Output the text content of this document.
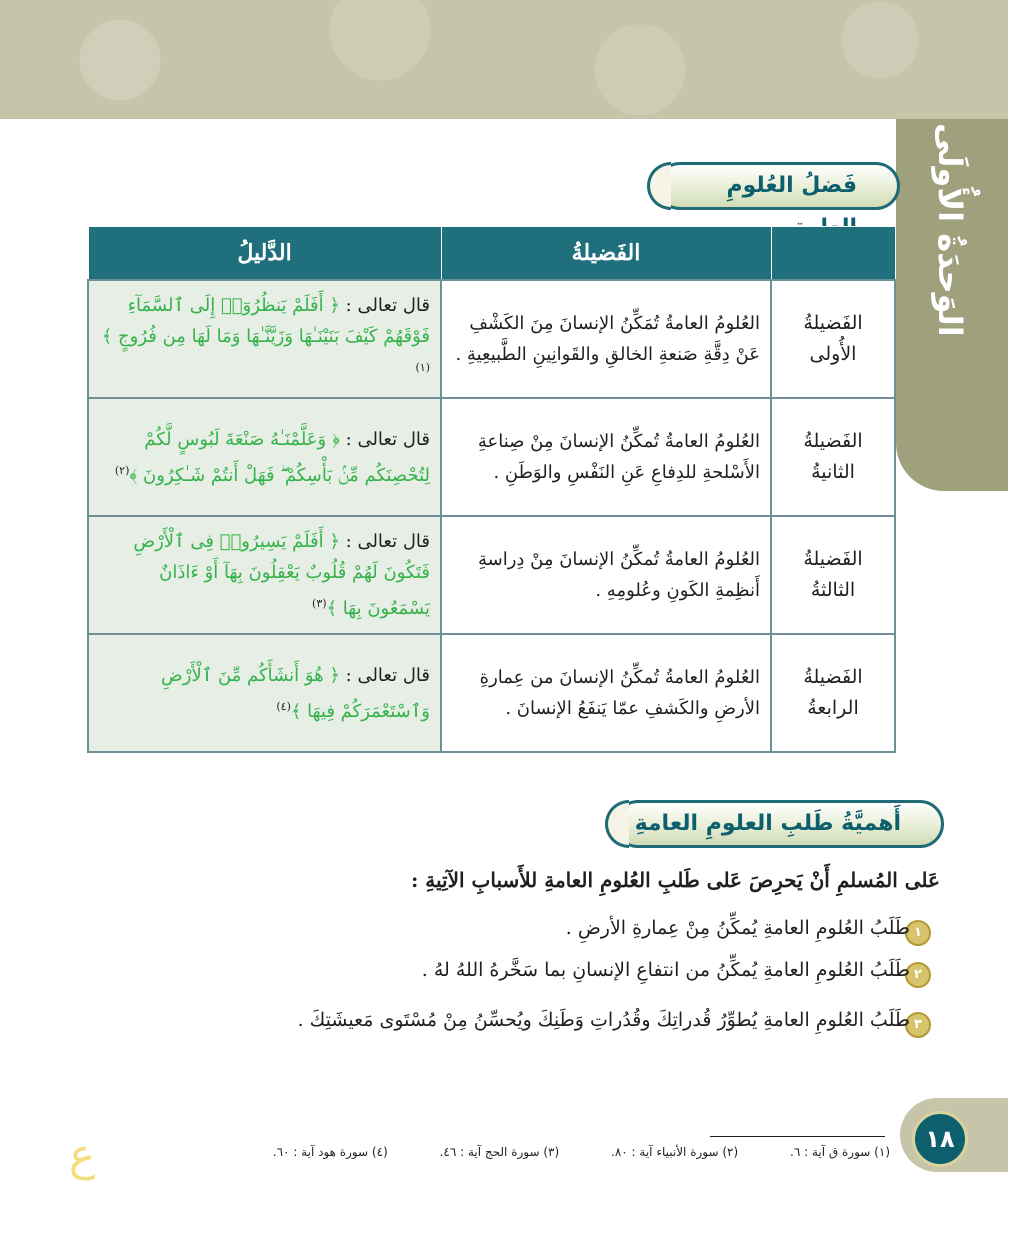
الوَحدَةُ الأُولَى
فَضلُ العُلومِ
	الفَضيلةُ	الدَّليلُ
الفَضيلةُ الأُولى	العُلومُ العامةُ تُمَكِّنُ الإنسانَ مِنَ الكَشْفِ عَنْ دِقَّةِ صَنعةِ الخالقِ والقَوانِينِ الطَّبيعِيةِ .	قال تعالى : ﴿ أَفَلَمْ يَنظُرُوٓا۟ إِلَى ٱلسَّمَآءِ فَوْقَهُمْ كَيْفَ بَنَيْنَـٰهَا وَزَيَّنَّـٰهَا وَمَا لَهَا مِن فُرُوجٍ ﴾$^{(١)}$
الفَضيلةُ الثانيةُ	العُلومُ العامةُ تُمكِّنُ الإنسانَ مِنْ صِناعةِ الأَسْلحةِ للدِفاعِ عَنِ النَفْسِ والوَطَنِ .	قال تعالى : ﴿ وَعَلَّمْنَـٰهُ صَنْعَةَ لَبُوسٍ لَّكُمْ لِتُحْصِنَكُم مِّنۢ بَأْسِكُمْ ۖ فَهَلْ أَنتُمْ شَـٰكِرُونَ ﴾$^{(٢)}$
الفَضيلةُ الثالثةُ	العُلومُ العامةُ تُمكِّنُ الإنسانَ مِنْ دِراسةِ أَنظِمةِ الكَونِ وعُلومِهِ .	قال تعالى : ﴿ أَفَلَمْ يَسِيرُوا۟ فِى ٱلْأَرْضِ فَتَكُونَ لَهُمْ قُلُوبٌ يَعْقِلُونَ بِهَآ أَوْ ءَاذَانٌ يَسْمَعُونَ بِهَا ﴾$^{(٣)}$
الفَضيلةُ الرابعةُ	العُلومُ العامةُ تُمكِّنُ الإنسانَ من عِمارةِ الأرضِ والكَشفِ عمّا يَنفَعُ الإنسانَ .	قال تعالى : ﴿ هُوَ أَنشَأَكُم مِّنَ ٱلْأَرْضِ وَٱسْتَعْمَرَكُمْ فِيهَا ﴾$^{(٤)}$
أَهميَّةُ طَلبِ العلومِ العامةِ
عَلى المُسلمِ أَنْ يَحرِصَ عَلى طَلبِ العُلومِ العامةِ للأَسبابِ الآتِيةِ :
١
طَلَبُ العُلومِ العامةِ يُمكِّنُ مِنْ عِمارةِ الأرضِ .
٢
طَلَبُ العُلومِ العامةِ يُمكِّنُ من انتفاعِ الإنسانِ بما سَخَّرهُ اللهُ لهُ .
٣
طَلَبُ العُلومِ العامةِ يُطوِّرُ قُدراتِكَ وقُدُراتِ وَطَنِكَ ويُحسِّنُ مِنْ مُسْتَوى مَعيشَتِكَ .
(١) سورة ق آية : ٦. (٢) سورة الأنبياء آية : ٨٠. (٣) سورة الحج آية : ٤٦. (٤) سورة هود آية : ٦٠.	١٨
ع
